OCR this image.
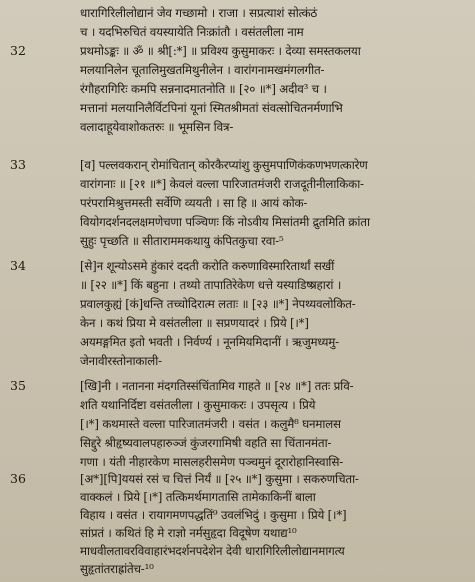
धारागिरिलीलोद्यानं जेव गच्छामो । राजा । सप्रत्याशं सोत्कंठं
च । यदभिरुचितं वयस्यायेति निःक्रांतौ । वसंतलीला नाम
32	प्रथमोऽङ्कः ॥ ॐ ॥ श्री[:*] ॥ प्रविश्य कुसुमाकरः । देव्या समस्तकलया
मलयानिलेन चूतालिमुखतमिथुनीलेन । वारांगनामखमंगलगीत-
रंगौहरागिरिः कमपि सन्ननादमातनोति ॥ [२० ॥*] अदीव³ च ।
मत्तानां मलयानिलैर्विटपिनां यूनां स्मितश्रीमतां संवत्सोचितनर्मणाभि
वलादाहूयेवाशोकतरुः ॥ भूमसिन वित्र-
33	[व] पल्लवकरान् रोमांचितान् कोरकैरप्यांशु कुसुमपाणिकंकणभणत्कारेण
वारांगनाः ॥ [२१ ॥*] केवलं वल्ला पारिजातमंजरी राजदूतीनीलाकिका-
परंपरामिश्रुत्तमस्ती सर्वेणि व्ययती । सा हि ॥ आयं कोक-
वियोगदर्शनदलक्षमणेचणा पञ्चिणः किं नोऽवीय मिसांतमी द्रुतमिति क्रांता
सुहुः पृच्छति ॥ सीताराममकथायु कंपितकुचा रवा-⁵
34	[से]न शून्योऽसमे हुंकारं ददती करोति करुणाविस्मारितार्थां सखीं
॥ [२२ ॥*] किं बहुना । तथ्यो तापातिरेकेण धत्ते यस्याडिष्ष्रहारां ।
प्रवालकुह्यं [कं]धन्ति तच्चोदिरात्म लताः ॥ [२३ ॥*] नेपथ्यवलोकित-
केन । कथं प्रिया मे वसंतलीला ॥ सप्रणयादरं । प्रिये [।*]
अयमङ्गमित इतो भवती । निर्वर्ण्य । नूनमियमिदानीं । ऋजुमध्यमु-
जेनावीरस्तोनाकाली-
35	[खि]नी । नतानना मंदगतिस्संचिंतामिव गाहते ॥ [२४ ॥*] ततः प्रवि-
शति यथानिर्दिष्टा वसंतलीला । कुसुमाकरः । उपसृत्य । प्रिये
[।*] कथमास्ते वल्ला पारिजातमंजरी । वसंत । कलुमै⁸ घनमालस
सिद्दुरे श्रीहृष्यवालपहारुञ्जं कुंजरगामिषी वहति सा चिंतानमंता-
गणा । यंती नीहारकेण मासलहरीसमेण पञ्चमुनं दूरारोहानिस्वासि-
36	[अ*][पि]ययसं रसं च चित्तं निर्यं ॥ [२५ ॥*] कुसुमा । सकरुणचिता-
वाक्कलं । प्रिये [।*] तत्किमर्थमागतासि तामेकाकिनीं बाला
विहाय । वसंत । रायागमणपद्धतिं⁹ उवलंभिदुं । कुसुमा । प्रिये [।*]
सांप्रतं । कथितं हि मे राज्ञो नर्मसुहृदा विदूषेण यथाद्य¹⁰
माधवीलतावरविवाहारंभदर्शनपदेशेन देवी धारागिरिलीलोद्यानमागत्य
सुहृतांतराह्रांतेच-¹⁰
